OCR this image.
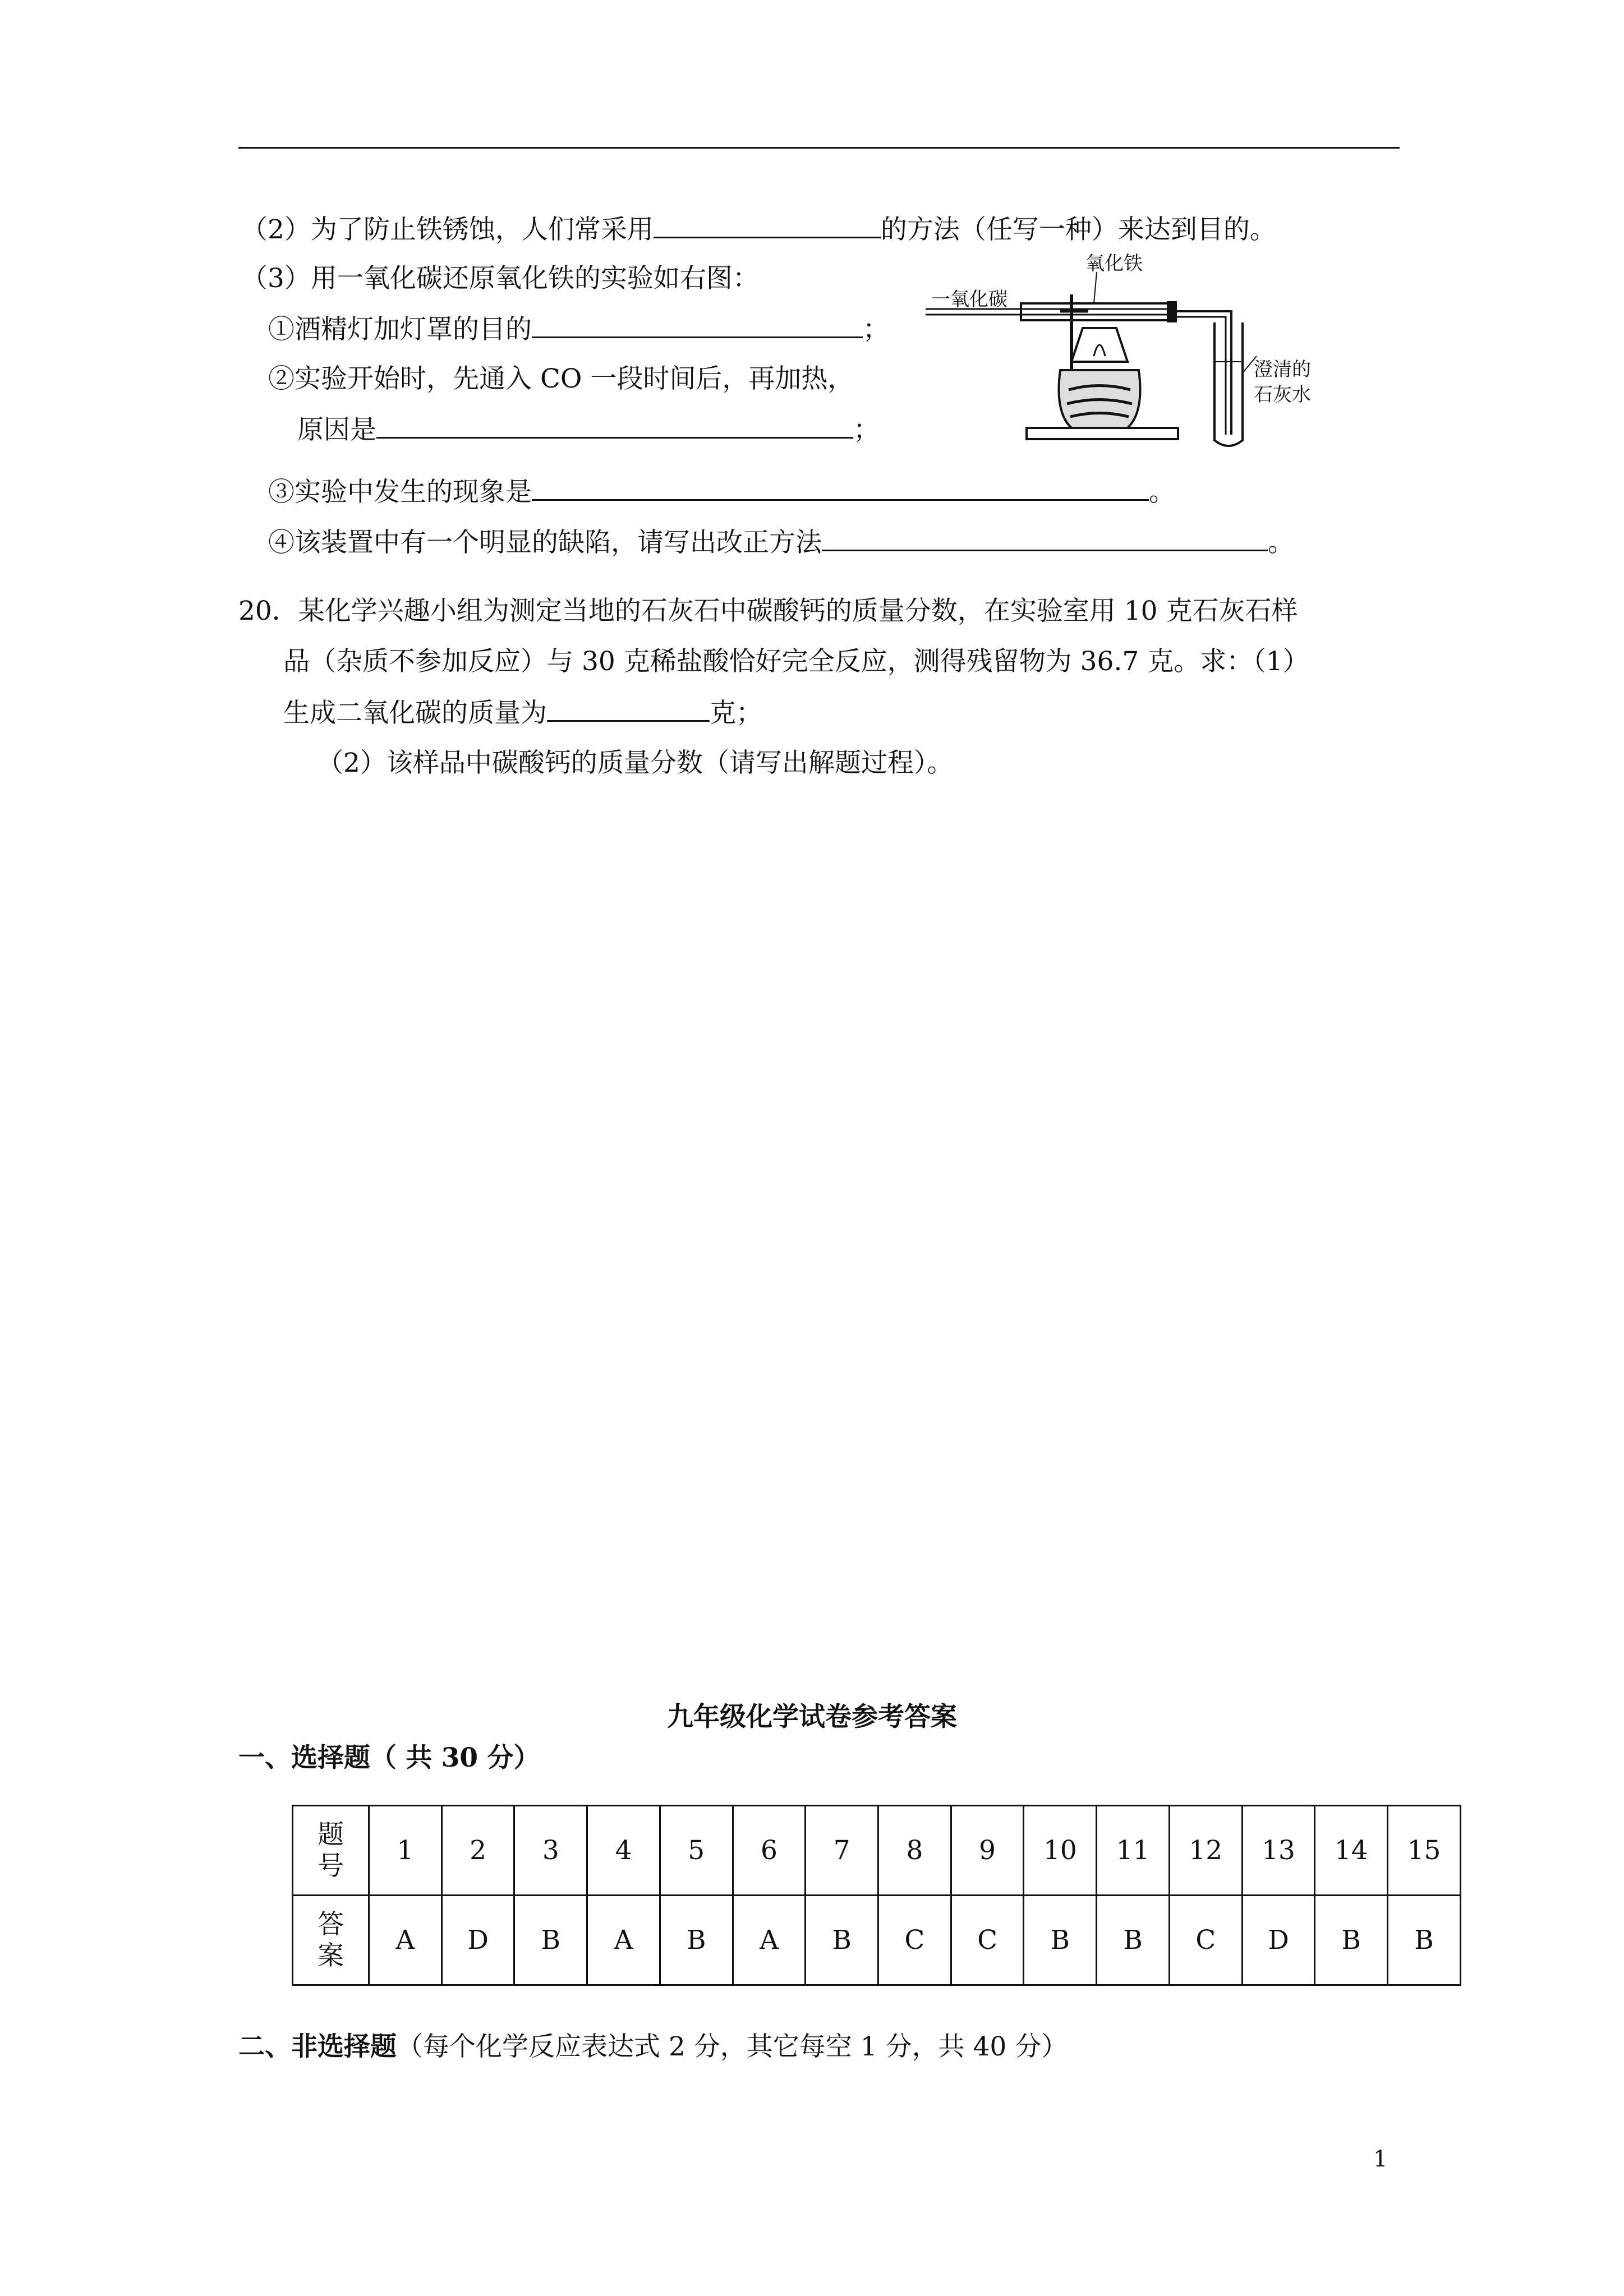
（2）为了防止铁锈蚀，人们常采用	的方法（任写一种）来达到目的。
（3）用一氧化碳还原氧化铁的实验如右图：
①酒精灯加灯罩的目的	；
②实验开始时，先通入 CO 一段时间后，再加热，
原因是	；
③实验中发生的现象是	。
④该装置中有一个明显的缺陷，请写出改正方法	。
一氧化碳
氧化铁
澄清的
石灰水
20．某化学兴趣小组为测定当地的石灰石中碳酸钙的质量分数，在实验室用 10 克石灰石样
品（杂质不参加反应）与 30 克稀盐酸恰好完全反应，测得残留物为 36.7 克。求：（1）
生成二氧化碳的质量为	克；
（2）该样品中碳酸钙的质量分数（请写出解题过程）。
九年级化学试卷参考答案
一、选择题（ 共 30 分）
题
号	1	2	3	4	5	6	7	8	9	10	11	12	13	14	15
答
案	A	D	B	A	B	A	B	C	C	B	B	C	D	B	B
二、非选择题（每个化学反应表达式 2 分，其它每空 1 分，共 40 分）
1
